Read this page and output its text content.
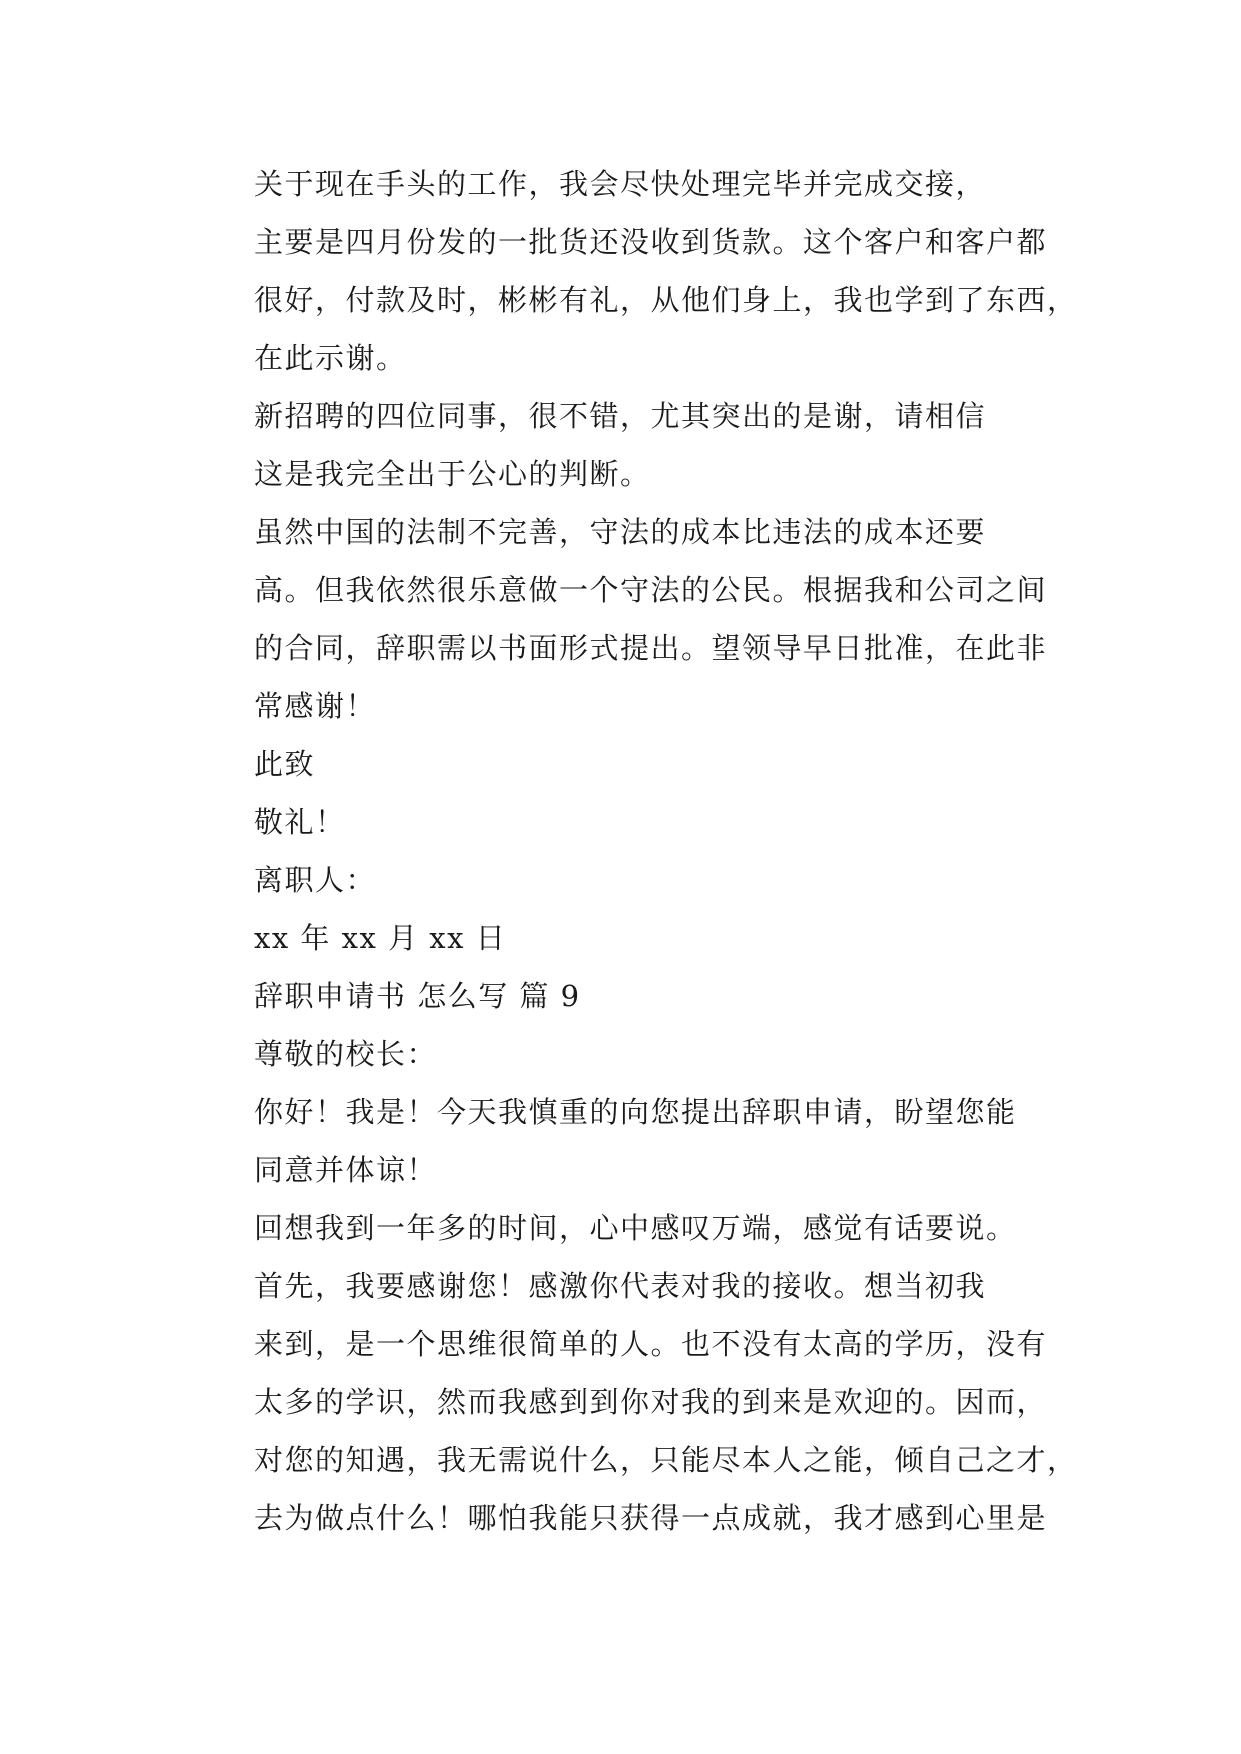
关于现在手头的工作，我会尽快处理完毕并完成交接，
主要是四月份发的一批货还没收到货款。这个客户和客户都
很好，付款及时，彬彬有礼，从他们身上，我也学到了东西，
在此示谢。

新招聘的四位同事，很不错，尤其突出的是谢，请相信
这是我完全出于公心的判断。

虽然中国的法制不完善，守法的成本比违法的成本还要
高。但我依然很乐意做一个守法的公民。根据我和公司之间
的合同，辞职需以书面形式提出。望领导早日批准，在此非
常感谢！

此致

敬礼！

离职人：

xx 年 xx 月 xx 日

辞职申请书 怎么写 篇 9

尊敬的校长：

你好！我是！今天我慎重的向您提出辞职申请，盼望您能
同意并体谅！

回想我到一年多的时间，心中感叹万端，感觉有话要说。

首先，我要感谢您！感激你代表对我的接收。想当初我
来到，是一个思维很简单的人。也不没有太高的学历，没有
太多的学识，然而我感到到你对我的到来是欢迎的。因而，
对您的知遇，我无需说什么，只能尽本人之能，倾自己之才，
去为做点什么！哪怕我能只获得一点成就，我才感到心里是
